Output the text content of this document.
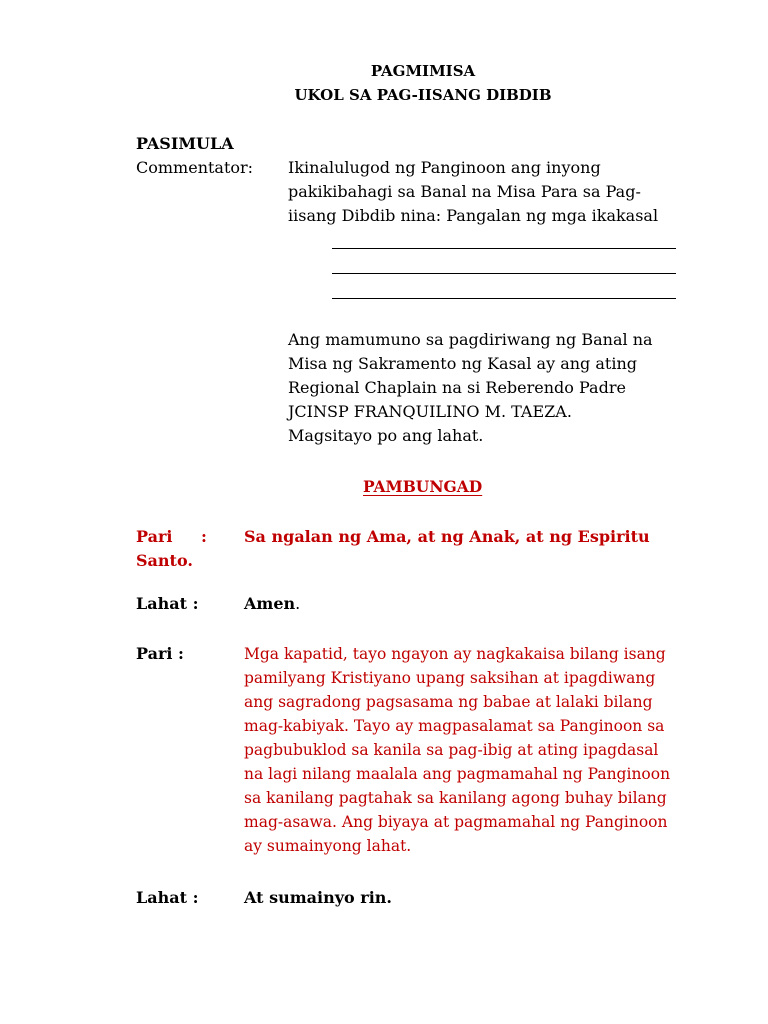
PAGMIMISA
UKOL SA PAG-IISANG DIBDIB
PASIMULA
Commentator: Ikinalulugod ng Panginoon ang inyong
pakikibahagi sa Banal na Misa Para sa Pag-
iisang Dibdib nina: Pangalan ng mga ikakasal
Ang mamumuno sa pagdiriwang ng Banal na
Misa ng Sakramento ng Kasal ay ang ating
Regional Chaplain na si Reberendo Padre
JCINSP FRANQUILINO M. TAEZA.
Magsitayo po ang lahat.
PAMBUNGAD
Pari : Sa ngalan ng Ama, at ng Anak, at ng Espiritu
Santo.
Lahat :	Amen.
Pari :	Mga kapatid, tayo ngayon ay nagkakaisa bilang isang
pamilyang Kristiyano upang saksihan at ipagdiwang
ang sagradong pagsasama ng babae at lalaki bilang
mag-kabiyak. Tayo ay magpasalamat sa Panginoon sa
pagbubuklod sa kanila sa pag-ibig at ating ipagdasal
na lagi nilang maalala ang pagmamahal ng Panginoon
sa kanilang pagtahak sa kanilang agong buhay bilang
mag-asawa. Ang biyaya at pagmamahal ng Panginoon
ay sumainyong lahat.
Lahat :	At sumainyo rin.
